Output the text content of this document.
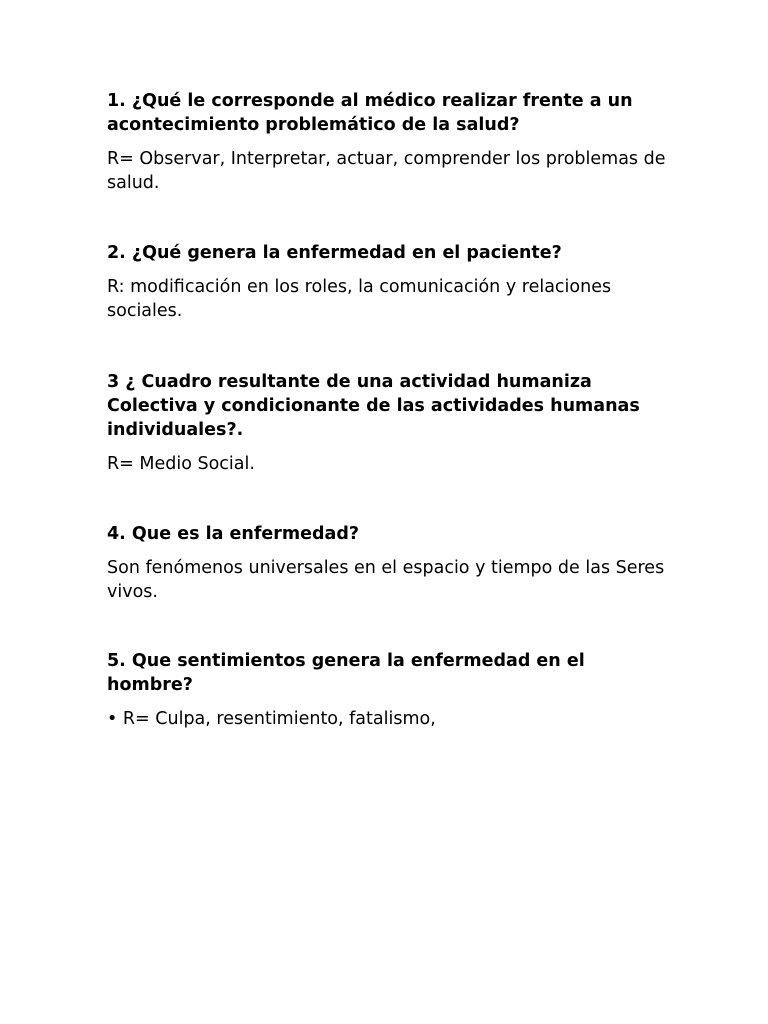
1. ¿Qué le corresponde al médico realizar frente a un acontecimiento problemático de la salud?

R= Observar, Interpretar, actuar, comprender los problemas de salud.

2. ¿Qué genera la enfermedad en el paciente?

R: modificación en los roles, la comunicación y relaciones sociales.

3 ¿ Cuadro resultante de una actividad humaniza Colectiva y condicionante de las actividades humanas individuales?.

R= Medio Social.

4. Que es la enfermedad?

Son fenómenos universales en el espacio y tiempo de las Seres vivos.

5. Que sentimientos genera la enfermedad en el hombre?

• R= Culpa, resentimiento, fatalismo,
